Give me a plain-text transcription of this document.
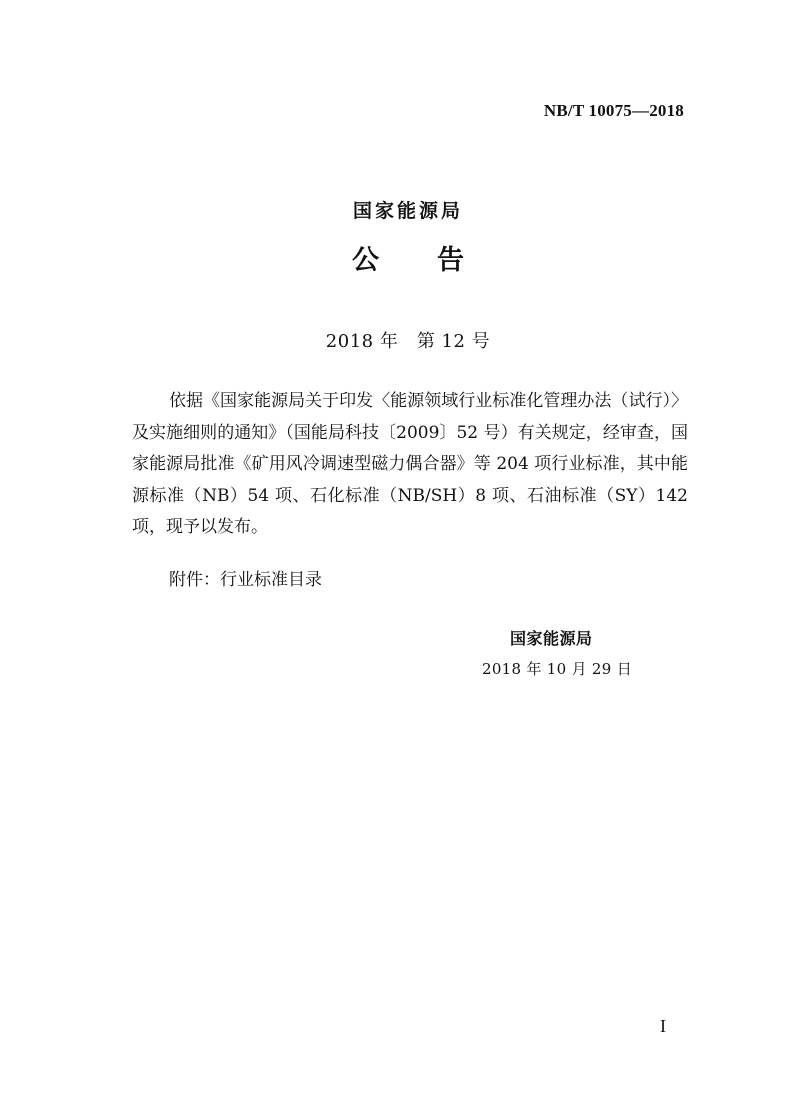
NB/T 10075—2018
国家能源局
公告
2018 年　第 12 号

依据《国家能源局关于印发〈能源领域行业标准化管理办法（试行）〉及实施细则的通知》（国能局科技〔2009〕52 号）有关规定，经审查，国家能源局批准《矿用风冷调速型磁力偶合器》等 204 项行业标准，其中能源标准（NB）54 项、石化标准（NB/SH）8 项、石油标准（SY）142 项，现予以发布。

附件：行业标准目录
国家能源局
2018 年 10 月 29 日
I
